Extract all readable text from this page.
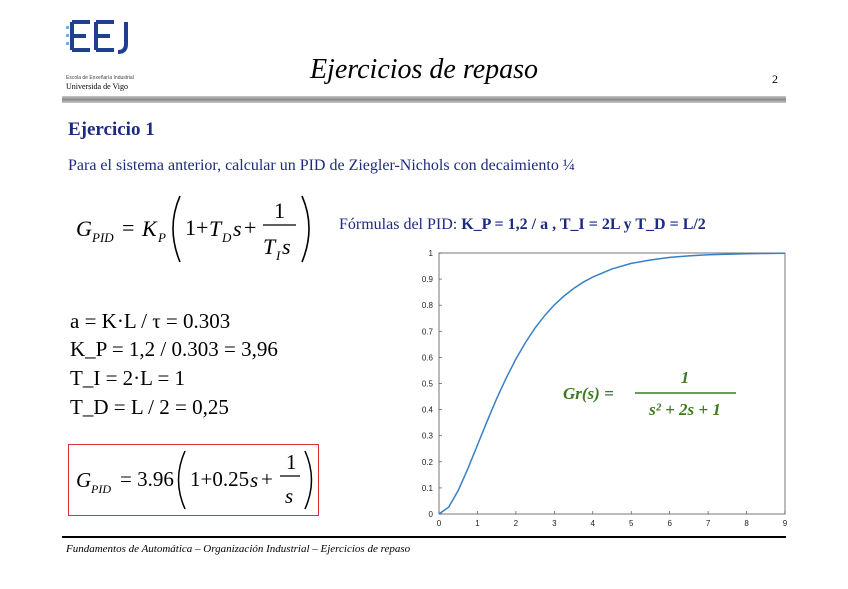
EEI
Escola de Enxeñaría Industrial
Universida de Vigo
Ejercicios de repaso	2
Ejercicio 1
Para el sistema anterior, calcular un PID de Ziegler-Nichols con decaimiento ¼
G PID = K P 1+ T D s +
1
T I s
Fórmulas del PID: K_P = 1,2 / a , T_I = 2L y T_D = L/2
a = K·L / τ = 0.303
K_P = 1,2 / 0.303 = 3,96
T_I = 2·L = 1
T_D = L / 2 = 0,25
G PID = 3.96 1+0.25 s +
1
s
0	1	2	3	4	5	6	7	8	9
0
0.1
0.2
0.3
0.4
0.5
0.6
0.7
0.8
0.9
1
Gr(s) =
1
s² + 2s + 1
Fundamentos de Automática – Organización Industrial – Ejercicios de repaso
